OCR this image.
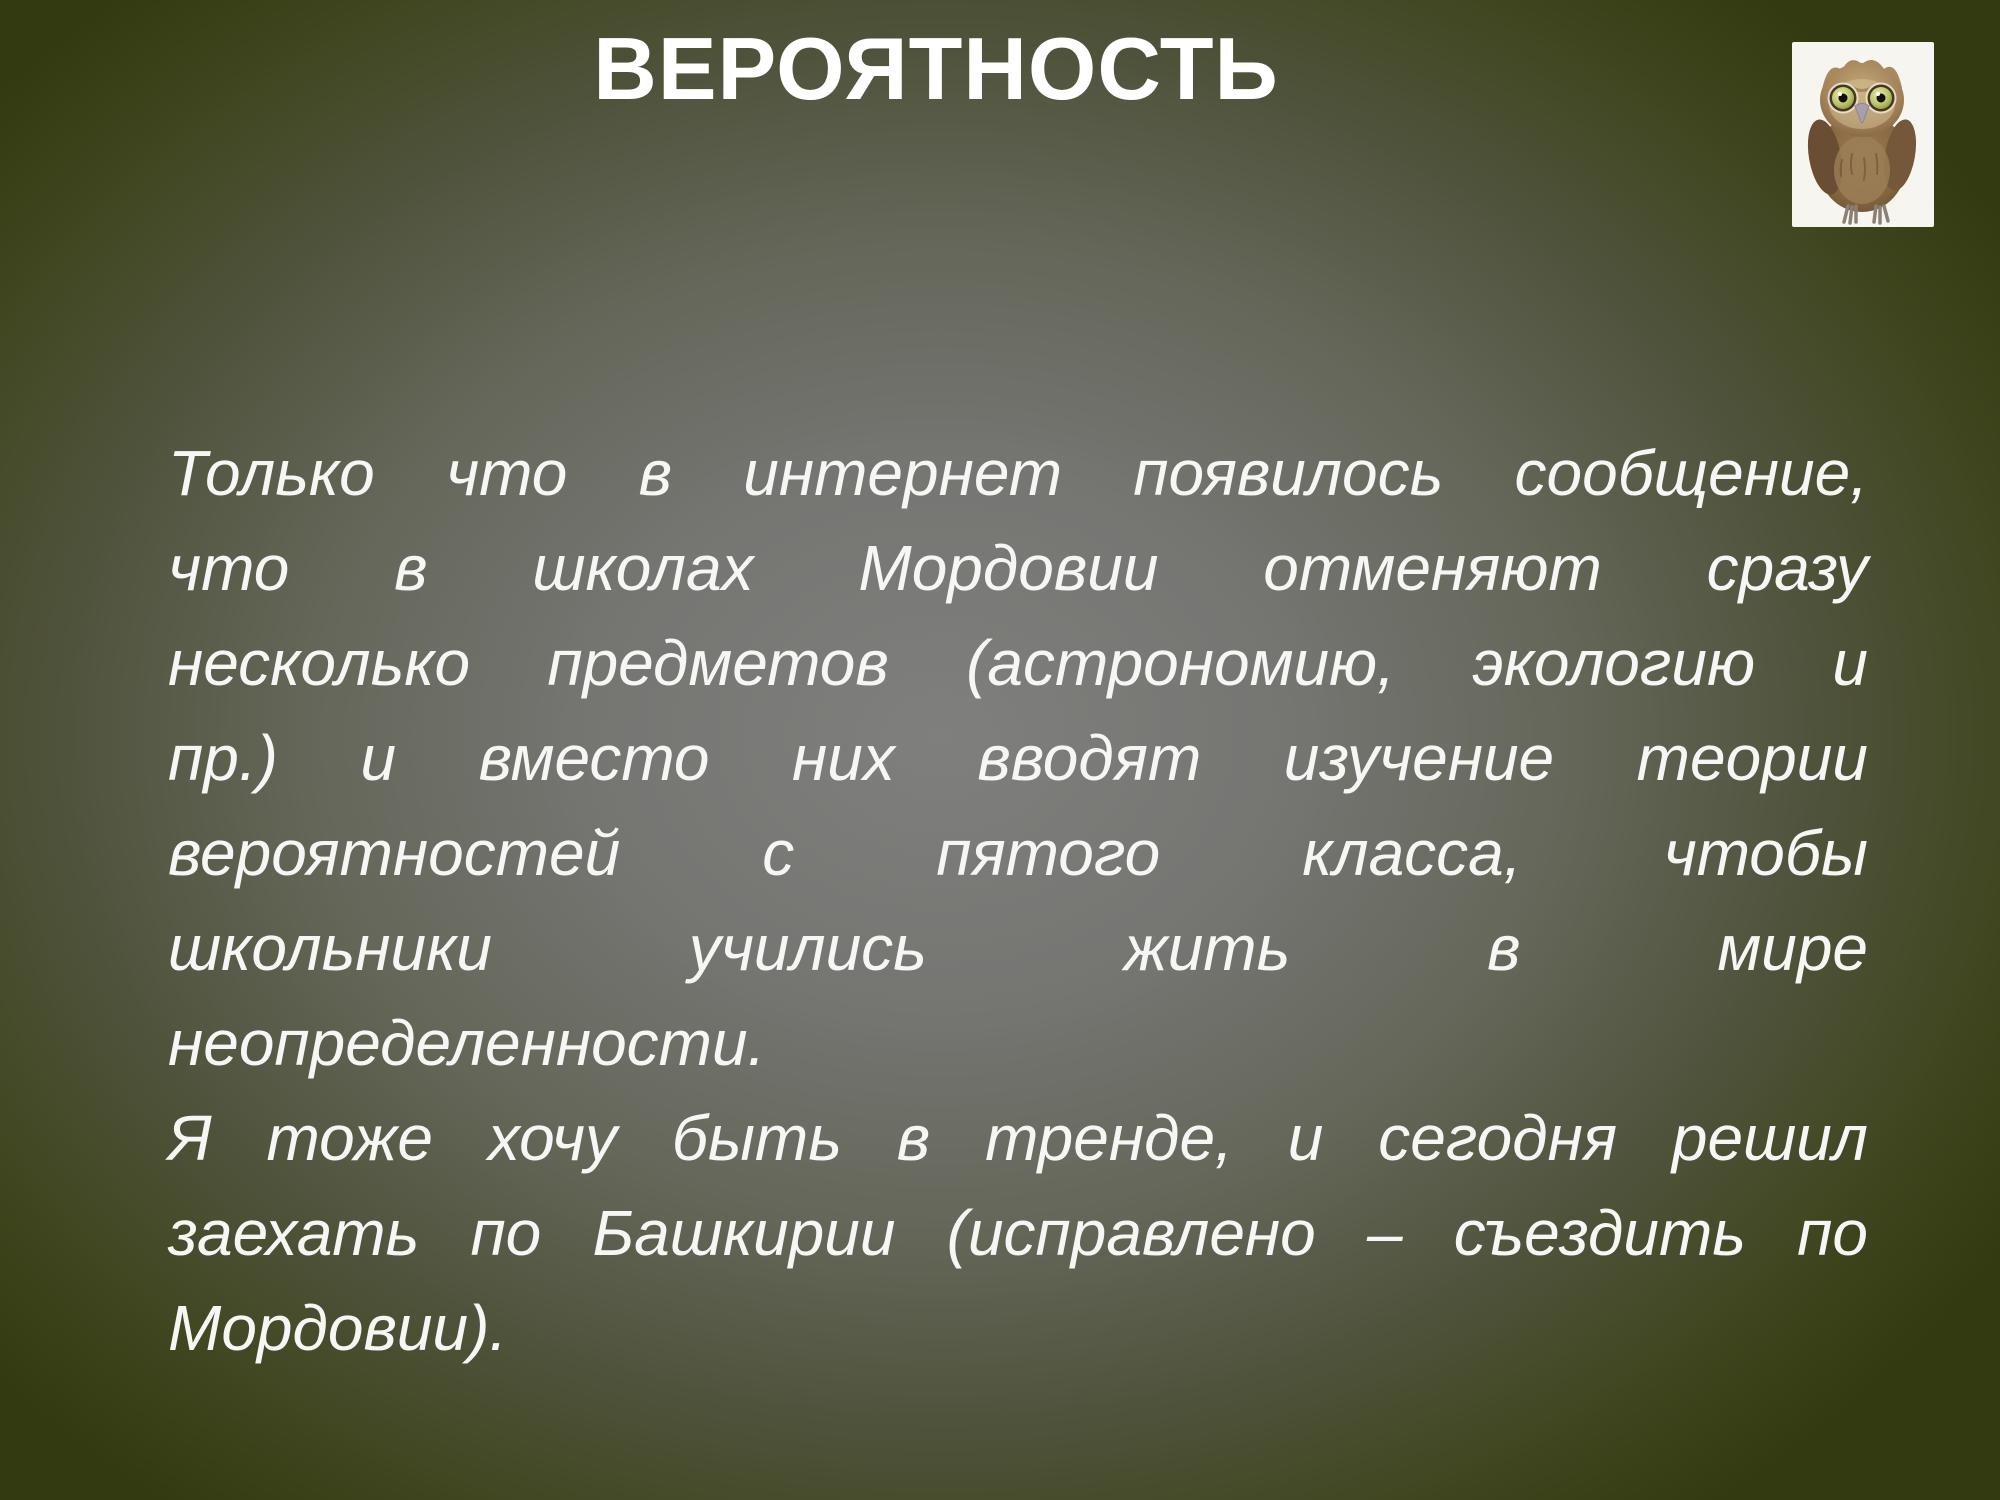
ВЕРОЯТНОСТЬ
Только что в интернет появилось сообщение,
что в школах Мордовии отменяют сразу
несколько предметов (астрономию, экологию и
пр.) и вместо них вводят изучение теории
вероятностей с пятого класса, чтобы
школьники	учились	жить	в	мире
неопределенности.
Я тоже хочу быть в тренде, и сегодня решил
заехать по Башкирии (исправлено – съездить по
Мордовии).
